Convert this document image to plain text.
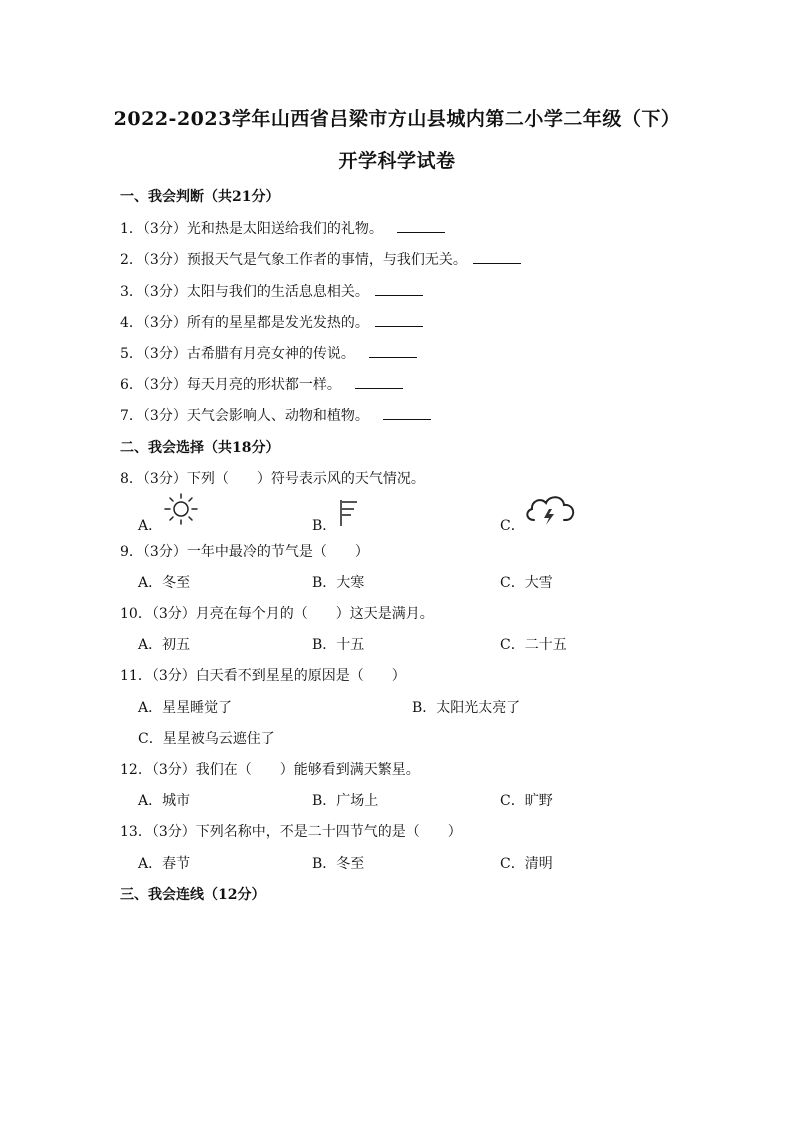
2022-2023学年山西省吕梁市方山县城内第二小学二年级（下）
开学科学试卷
一、我会判断（共21分）
1．（3分）光和热是太阳送给我们的礼物。
2．（3分）预报天气是气象工作者的事情，与我们无关。
3．（3分）太阳与我们的生活息息相关。
4．（3分）所有的星星都是发光发热的。
5．（3分）古希腊有月亮女神的传说。
6．（3分）每天月亮的形状都一样。
7．（3分）天气会影响人、动物和植物。
二、我会选择（共18分）
8．（3分）下列（　　）符号表示风的天气情况。
A．	B．	C．
9．（3分）一年中最冷的节气是（　　）
A．冬至	B．大寒	C．大雪
10．（3分）月亮在每个月的（　　）这天是满月。
A．初五	B．十五	C．二十五
11．（3分）白天看不到星星的原因是（　　）
A．星星睡觉了	B．太阳光太亮了
C．星星被乌云遮住了
12．（3分）我们在（　　）能够看到满天繁星。
A．城市	B．广场上	C．旷野
13．（3分）下列名称中，不是二十四节气的是（　　）
A．春节	B．冬至	C．清明
三、我会连线（12分）
